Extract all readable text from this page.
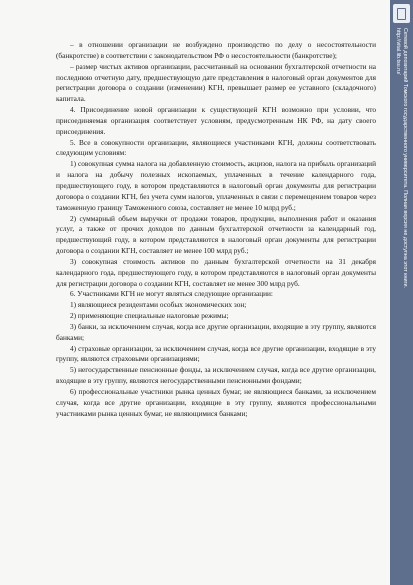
– в отношении организации не возбуждено производство по делу о несостоятельности (банкротстве) в соответствии с законодательством РФ о несостоятельности (банкротстве);

– размер чистых активов организации, рассчитанный на основании бухгалтерской отчетности на последнюю отчетную дату, предшествующую дате представления в налоговый орган документов для регистрации договора о создании (изменении) КГН, превышает размер ее уставного (складочного) капитала.

4. Присоединение новой организации к существующей КГН возможно при условии, что присоединяемая организация соответствует условиям, предусмотренным НК РФ, на дату своего присоединения.

5. Все в совокупности организации, являющиеся участниками КГН, должны соответствовать следующим условиям:

1) совокупная сумма налога на добавленную стоимость, акцизов, налога на прибыль организаций и налога на добычу полезных ископаемых, уплаченных в течение календарного года, предшествующего году, в котором представляются в налоговый орган документы для регистрации договора о создании КГН, без учета сумм налогов, уплаченных в связи с перемещением товаров через таможенную границу Таможенного союза, составляет не менее 10 млрд руб.;

2) суммарный объем выручки от продажи товаров, продукции, выполнения работ и оказания услуг, а также от прочих доходов по данным бухгалтерской отчетности за календарный год, предшествующий году, в котором представляются в налоговый орган документы для регистрации договора о создании КГН, составляет не менее 100 млрд руб.;

3) совокупная стоимость активов по данным бухгалтерской отчетности на 31 декабря календарного года, предшествующего году, в котором представляются в налоговый орган документы для регистрации договора о создании КГН, составляет не менее 300 млрд руб.

6. Участниками КГН не могут являться следующие организации:

1) являющиеся резидентами особых экономических зон;

2) применяющие специальные налоговые режимы;

3) банки, за исключением случая, когда все другие организации, входящие в эту группу, являются банками;

4) страховые организации, за исключением случая, когда все другие организации, входящие в эту группу, являются страховыми организациями;

5) негосударственные пенсионные фонды, за исключением случая, когда все другие организации, входящие в эту группу, являются негосударственными пенсионными фондами;

6) профессиональные участники рынка ценных бумаг, не являющиеся банками, за исключением случая, когда все другие организации, входящие в эту группу, являются профессиональными участниками рынка ценных бумаг, не являющимися банками;

Сетевой депозитарий Томского государственного университета. Полная версия не доступна этот книги.
http://vital.lib.tsu.ru/
